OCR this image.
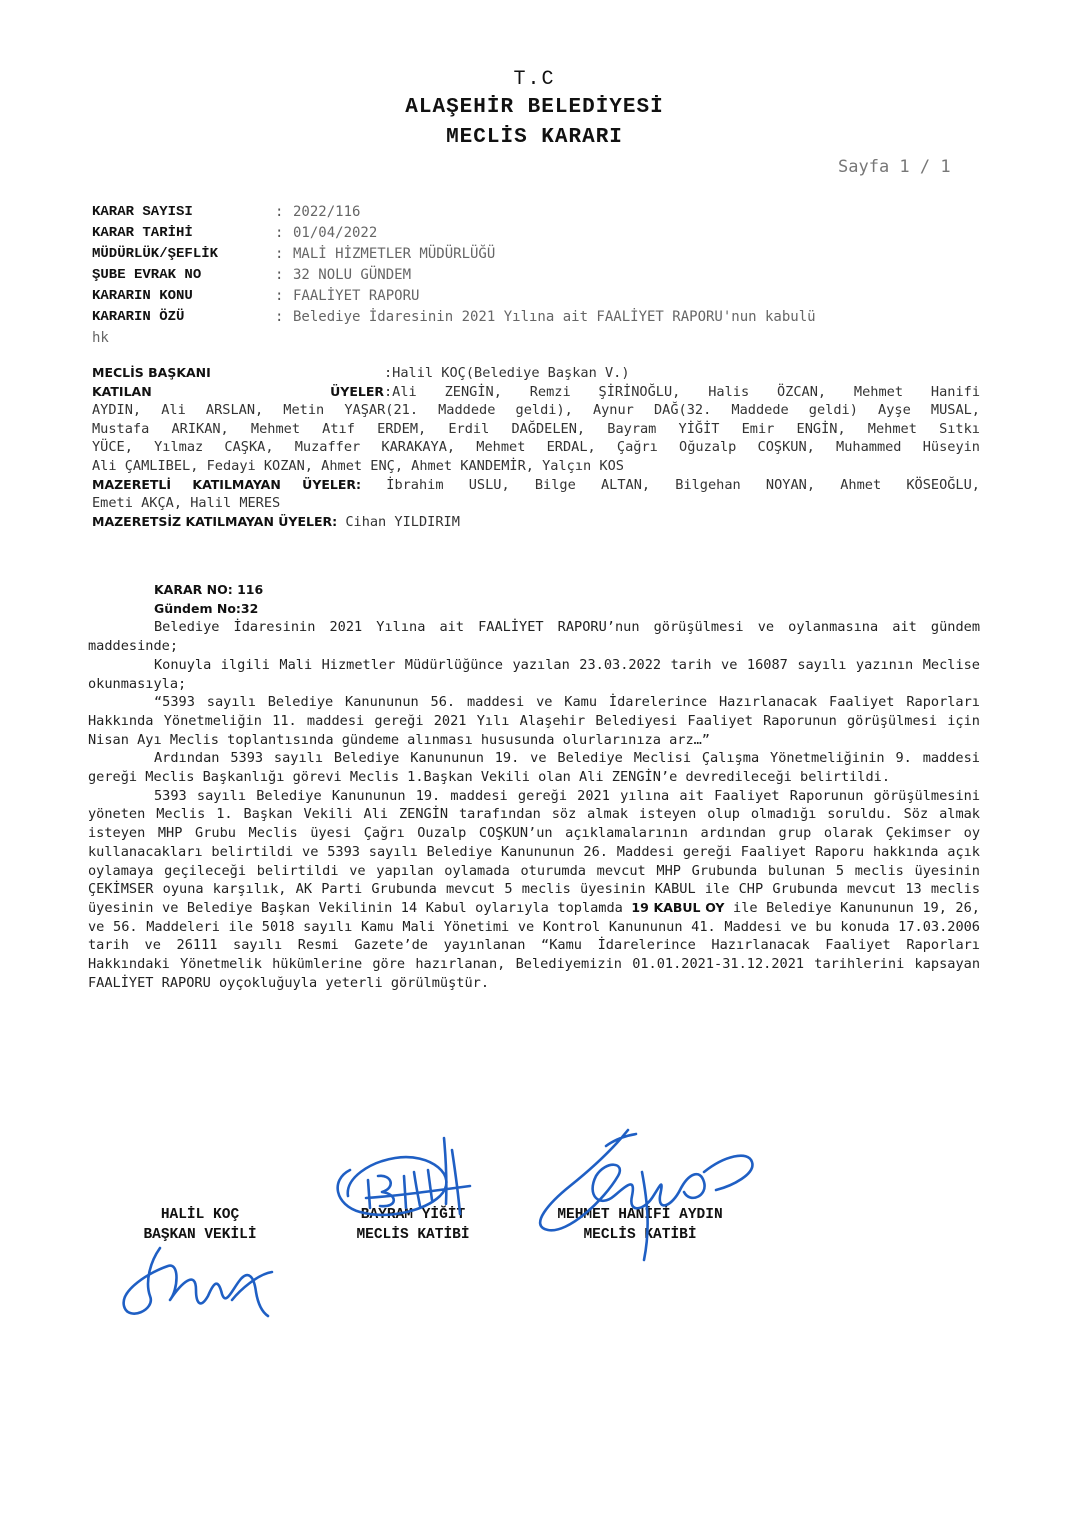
T.C
ALAŞEHİR BELEDİYESİ
MECLİS KARARI
Sayfa 1 / 1
KARAR SAYISI	: 2022/116
KARAR TARİHİ	: 01/04/2022
MÜDÜRLÜK/ŞEFLİK	: MALİ HİZMETLER MÜDÜRLÜĞÜ
ŞUBE EVRAK NO	: 32 NOLU GÜNDEM
KARARIN KONU	: FAALİYET RAPORU
KARARIN ÖZÜ	: Belediye İdaresinin 2021 Yılına ait FAALİYET RAPORU'nun kabulü
hk
MECLİS BAŞKANI	:Halil KOÇ(Belediye Başkan V.)
KATILAN ÜYELER:Ali ZENGİN, Remzi ŞİRİNOĞLU, Halis ÖZCAN, Mehmet Hanifi
AYDIN, Ali ARSLAN, Metin YAŞAR(21. Maddede geldi), Aynur DAĞ(32. Maddede geldi) Ayşe MUSAL,
Mustafa ARIKAN, Mehmet Atıf ERDEM, Erdil DAĞDELEN, Bayram YİĞİT Emir ENGİN, Mehmet Sıtkı
YÜCE, Yılmaz CAŞKA, Muzaffer KARAKAYA, Mehmet ERDAL, Çağrı Oğuzalp COŞKUN, Muhammed Hüseyin
Ali ÇAMLIBEL, Fedayi KOZAN, Ahmet ENÇ, Ahmet KANDEMİR, Yalçın KOS
MAZERETLİ KATILMAYAN ÜYELER: İbrahim USLU, Bilge ALTAN, Bilgehan NOYAN, Ahmet KÖSEOĞLU,
Emeti AKÇA, Halil MERES
MAZERETSİZ KATILMAYAN ÜYELER: Cihan YILDIRIM
KARAR NO: 116
Gündem No:32
Belediye İdaresinin 2021 Yılına ait FAALİYET RAPORU’nun görüşülmesi ve oylanmasına ait gündem maddesinde;
Konuyla ilgili Mali Hizmetler Müdürlüğünce yazılan 23.03.2022 tarih ve 16087 sayılı yazının Meclise okunmasıyla;
“5393 sayılı Belediye Kanununun 56. maddesi ve Kamu İdarelerince Hazırlanacak Faaliyet Raporları Hakkında Yönetmeliğin 11. maddesi gereği 2021 Yılı Alaşehir Belediyesi Faaliyet Raporunun görüşülmesi için Nisan Ayı Meclis toplantısında gündeme alınması hususunda olurlarınıza arz…”
Ardından 5393 sayılı Belediye Kanununun 19. ve Belediye Meclisi Çalışma Yönetmeliğinin 9. maddesi gereği Meclis Başkanlığı görevi Meclis 1.Başkan Vekili olan Ali ZENGİN’e devredileceği belirtildi.
5393 sayılı Belediye Kanununun 19. maddesi gereği 2021 yılına ait Faaliyet Raporunun görüşülmesini yöneten Meclis 1. Başkan Vekili Ali ZENGİN tarafından söz almak isteyen olup olmadığı soruldu. Söz almak isteyen MHP Grubu Meclis üyesi Çağrı Ouzalp COŞKUN’un açıklamalarının ardından grup olarak Çekimser oy kullanacakları belirtildi ve 5393 sayılı Belediye Kanununun 26. Maddesi gereği Faaliyet Raporu hakkında açık oylamaya geçileceği belirtildi ve yapılan oylamada oturumda mevcut MHP Grubunda bulunan 5 meclis üyesinin ÇEKİMSER oyuna karşılık, AK Parti Grubunda mevcut 5 meclis üyesinin KABUL ile CHP Grubunda mevcut 13 meclis üyesinin ve Belediye Başkan Vekilinin 14 Kabul oylarıyla toplamda 19 KABUL OY ile Belediye Kanununun 19, 26, ve 56. Maddeleri ile 5018 sayılı Kamu Mali Yönetimi ve Kontrol Kanununun 41. Maddesi ve bu konuda 17.03.2006 tarih ve 26111 sayılı Resmi Gazete’de yayınlanan “Kamu İdarelerince Hazırlanacak Faaliyet Raporları Hakkındaki Yönetmelik hükümlerine göre hazırlanan, Belediyemizin 01.01.2021-31.12.2021 tarihlerini kapsayan FAALİYET RAPORU oyçokluğuyla yeterli görülmüştür.
HALİL KOÇ
BAŞKAN VEKİLİ
BAYRAM YİĞİT
MECLİS KATİBİ
MEHMET HANİFİ AYDIN
MECLİS KATİBİ
